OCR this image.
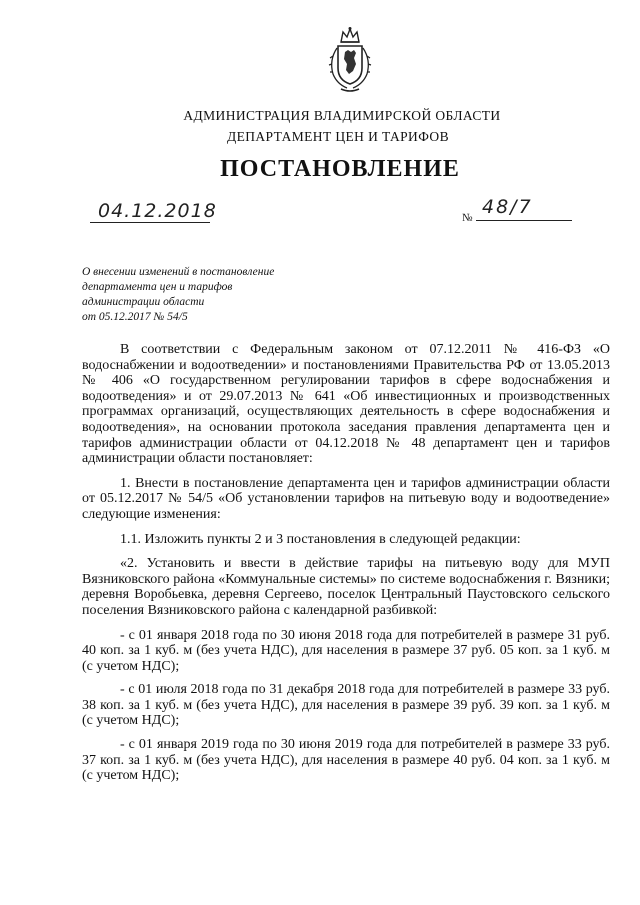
АДМИНИСТРАЦИЯ ВЛАДИМИРСКОЙ ОБЛАСТИ
ДЕПАРТАМЕНТ ЦЕН И ТАРИФОВ
ПОСТАНОВЛЕНИЕ
04.12.2018	№ 48/7
О внесении изменений в постановление
департамента цен и тарифов
администрации области
от 05.12.2017 № 54/5

В соответствии с Федеральным законом от 07.12.2011 № 416-ФЗ «О водоснабжении и водоотведении» и постановлениями Правительства РФ от 13.05.2013 № 406 «О государственном регулировании тарифов в сфере водоснабжения и водоотведения» и от 29.07.2013 № 641 «Об инвестиционных и производственных программах организаций, осуществляющих деятельность в сфере водоснабжения и водоотведения», на основании протокола заседания правления департамента цен и тарифов администрации области от 04.12.2018 № 48 департамент цен и тарифов администрации области постановляет:

1. Внести в постановление департамента цен и тарифов администрации области от 05.12.2017 № 54/5 «Об установлении тарифов на питьевую воду и водоотведение» следующие изменения:

1.1. Изложить пункты 2 и 3 постановления в следующей редакции:

«2. Установить и ввести в действие тарифы на питьевую воду для МУП Вязниковского района «Коммунальные системы» по системе водоснабжения г. Вязники; деревня Воробьевка, деревня Сергеево, поселок Центральный Паустовского сельского поселения Вязниковского района с календарной разбивкой:

- с 01 января 2018 года по 30 июня 2018 года для потребителей в размере 31 руб. 40 коп. за 1 куб. м (без учета НДС), для населения в размере 37 руб. 05 коп. за 1 куб. м (с учетом НДС);

- с 01 июля 2018 года по 31 декабря 2018 года для потребителей в размере 33 руб. 38 коп. за 1 куб. м (без учета НДС), для населения в размере 39 руб. 39 коп. за 1 куб. м (с учетом НДС);

- с 01 января 2019 года по 30 июня 2019 года для потребителей в размере 33 руб. 37 коп. за 1 куб. м (без учета НДС), для населения в размере 40 руб. 04 коп. за 1 куб. м (с учетом НДС);
